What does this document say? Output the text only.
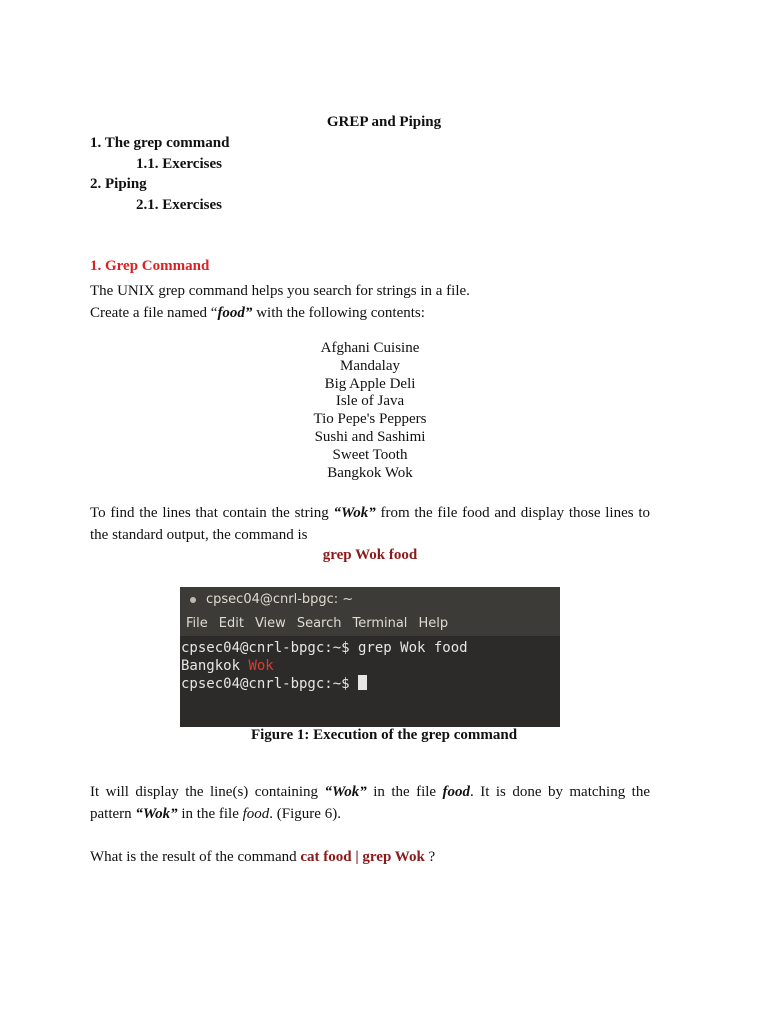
GREP and Piping
1. The grep command
1.1. Exercises
2. Piping
2.1. Exercises
1. Grep Command
The UNIX grep command helps you search for strings in a file.
Create a file named “food” with the following contents:
Afghani Cuisine
Mandalay
Big Apple Deli
Isle of Java
Tio Pepe's Peppers
Sushi and Sashimi
Sweet Tooth
Bangkok Wok
To find the lines that contain the string “Wok” from the file food and display those lines to the standard output, the command is
grep Wok food
cpsec04@cnrl-bpgc: ~
File Edit View Search Terminal Help
cpsec04@cnrl-bpgc:~$ grep Wok food
Bangkok Wok
cpsec04@cnrl-bpgc:~$
Figure 1: Execution of the grep command
It will display the line(s) containing “Wok” in the file food. It is done by matching the pattern “Wok” in the file food. (Figure 6).
What is the result of the command cat food | grep Wok ?
